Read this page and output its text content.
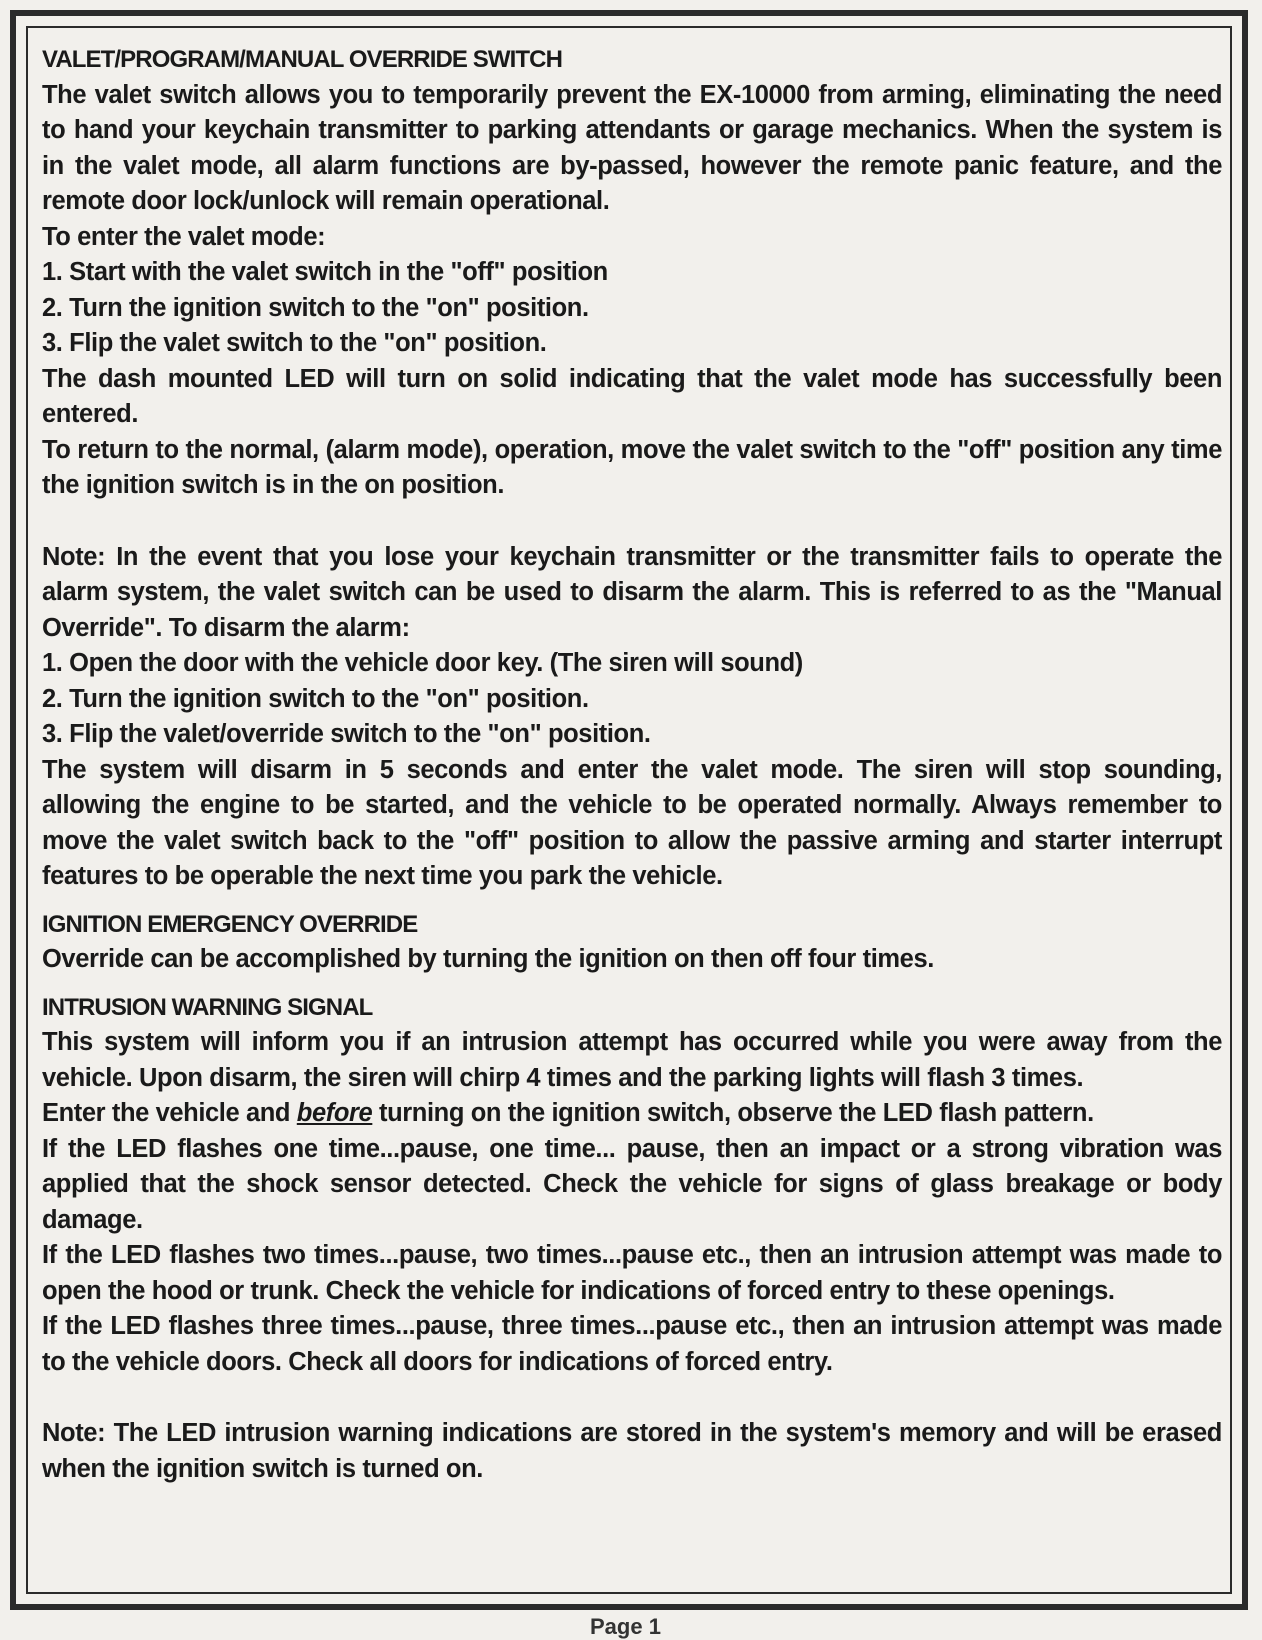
VALET/PROGRAM/MANUAL OVERRIDE SWITCH

The valet switch allows you to temporarily prevent the EX-10000 from arming, eliminating the need to hand your keychain transmitter to parking attendants or garage mechanics. When the system is in the valet mode, all alarm functions are by-passed, however the remote panic feature, and the remote door lock/unlock will remain operational.

To enter the valet mode:

1. Start with the valet switch in the "off" position

2. Turn the ignition switch to the "on" position.

3. Flip the valet switch to the "on" position.

The dash mounted LED will turn on solid indicating that the valet mode has successfully been entered.

To return to the normal, (alarm mode), operation, move the valet switch to the "off" position any time the ignition switch is in the on position.

Note: In the event that you lose your keychain transmitter or the transmitter fails to operate the alarm system, the valet switch can be used to disarm the alarm. This is referred to as the "Manual Override". To disarm the alarm:

1. Open the door with the vehicle door key. (The siren will sound)

2. Turn the ignition switch to the "on" position.

3. Flip the valet/override switch to the "on" position.

The system will disarm in 5 seconds and enter the valet mode. The siren will stop sounding, allowing the engine to be started, and the vehicle to be operated normally. Always remember to move the valet switch back to the "off" position to allow the passive arming and starter interrupt features to be operable the next time you park the vehicle.

IGNITION EMERGENCY OVERRIDE

Override can be accomplished by turning the ignition on then off four times.

INTRUSION WARNING SIGNAL

This system will inform you if an intrusion attempt has occurred while you were away from the vehicle. Upon disarm, the siren will chirp 4 times and the parking lights will flash 3 times.

Enter the vehicle and before turning on the ignition switch, observe the LED flash pattern.

If the LED flashes one time...pause, one time... pause, then an impact or a strong vibration was applied that the shock sensor detected. Check the vehicle for signs of glass breakage or body damage.

If the LED flashes two times...pause, two times...pause etc., then an intrusion attempt was made to open the hood or trunk. Check the vehicle for indications of forced entry to these openings.

If the LED flashes three times...pause, three times...pause etc., then an intrusion attempt was made to the vehicle doors. Check all doors for indications of forced entry.

Note: The LED intrusion warning indications are stored in the system's memory and will be erased when the ignition switch is turned on.

Page 1
